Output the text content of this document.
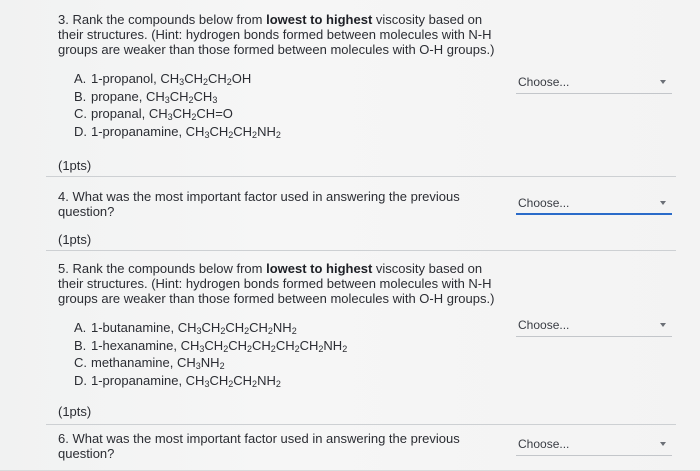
3. Rank the compounds below from lowest to highest viscosity based on their structures. (Hint: hydrogen bonds formed between molecules with N-H groups are weaker than those formed between molecules with O-H groups.)
A. 1-propanol, $CH_3CH_2CH_2OH$
B. propane, $CH_3CH_2CH_3$
C. propanal, $CH_3CH_2CH=O$
D. 1-propanamine, $CH_3CH_2CH_2NH_2$
(1pts)
Choose...
4. What was the most important factor used in answering the previous question?
(1pts)
Choose...
5. Rank the compounds below from lowest to highest viscosity based on their structures. (Hint: hydrogen bonds formed between molecules with N-H groups are weaker than those formed between molecules with O-H groups.)
A. 1-butanamine, $CH_3CH_2CH_2CH_2NH_2$
B. 1-hexanamine, $CH_3CH_2CH_2CH_2CH_2CH_2NH_2$
C. methanamine, $CH_3NH_2$
D. 1-propanamine, $CH_3CH_2CH_2NH_2$
(1pts)
Choose...
6. What was the most important factor used in answering the previous question?
Choose...
